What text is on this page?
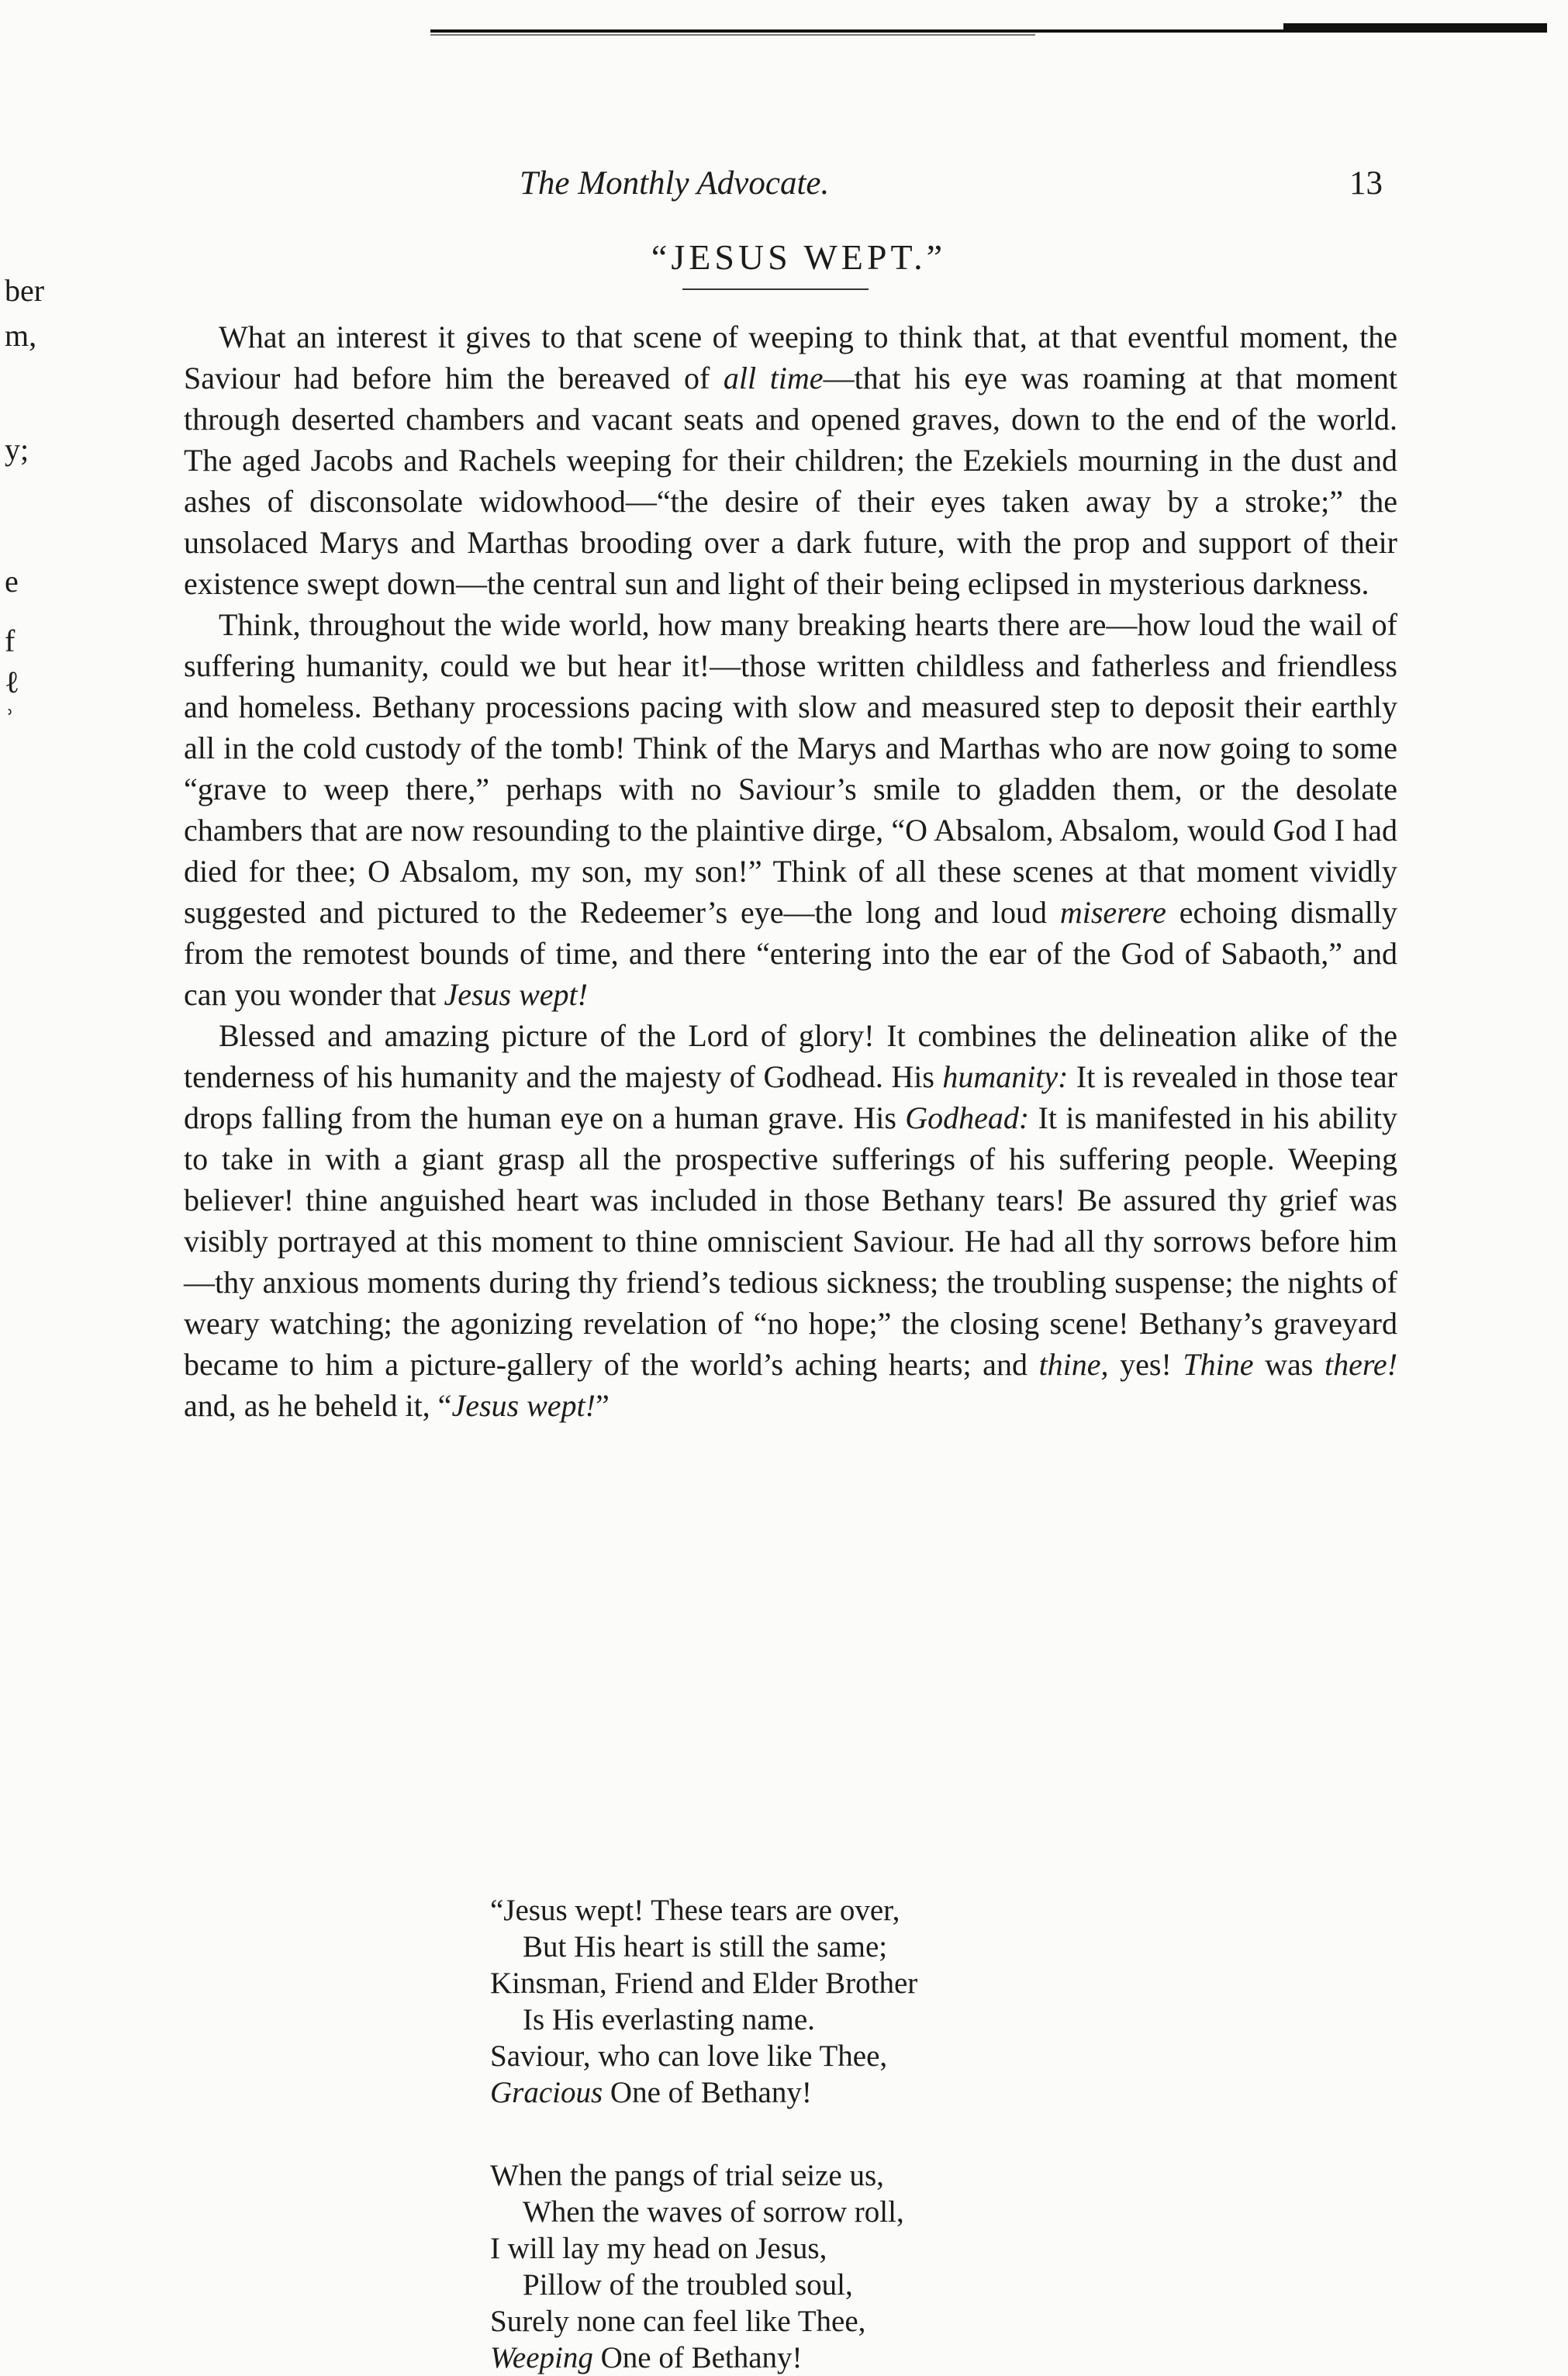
ber
m,
y;
e
f
ℓ
ʾ
The Monthly Advocate.	13
“JESUS WEPT.”

What an interest it gives to that scene of weeping to think that, at that eventful moment, the Saviour had before him the bereaved of all time—that his eye was roaming at that moment through deserted chambers and vacant seats and opened graves, down to the end of the world. The aged Jacobs and Rachels weeping for their children; the Ezekiels mourning in the dust and ashes of disconsolate widowhood—“the desire of their eyes taken away by a stroke;” the unsolaced Marys and Marthas brooding over a dark future, with the prop and support of their existence swept down—the central sun and light of their being eclipsed in mysterious darkness.

Think, throughout the wide world, how many breaking hearts there are—how loud the wail of suffering humanity, could we but hear it!—those written childless and fatherless and friendless and homeless. Bethany processions pacing with slow and measured step to deposit their earthly all in the cold custody of the tomb! Think of the Marys and Marthas who are now going to some “grave to weep there,” perhaps with no Saviour’s smile to gladden them, or the desolate chambers that are now resounding to the plaintive dirge, “O Absalom, Absalom, would God I had died for thee; O Absalom, my son, my son!” Think of all these scenes at that moment vividly suggested and pictured to the Redeemer’s eye—the long and loud miserere echoing dismally from the remotest bounds of time, and there “entering into the ear of the God of Sabaoth,” and can you wonder that Jesus wept!

Blessed and amazing picture of the Lord of glory! It combines the delineation alike of the tenderness of his humanity and the majesty of Godhead. His humanity: It is revealed in those tear drops falling from the human eye on a human grave. His Godhead: It is manifested in his ability to take in with a giant grasp all the prospective sufferings of his suffering people. Weeping believer! thine anguished heart was included in those Bethany tears! Be assured thy grief was visibly portrayed at this moment to thine omniscient Saviour. He had all thy sorrows before him—thy anxious moments during thy friend’s tedious sickness; the troubling suspense; the nights of weary watching; the agonizing revelation of “no hope;” the closing scene! Bethany’s graveyard became to him a picture-gallery of the world’s aching hearts; and thine, yes! Thine was there! and, as he beheld it, “Jesus wept!”

“Jesus wept! These tears are over,
But His heart is still the same;
Kinsman, Friend and Elder Brother
Is His everlasting name.
Saviour, who can love like Thee,
Gracious One of Bethany!
When the pangs of trial seize us,
When the waves of sorrow roll,
I will lay my head on Jesus,
Pillow of the troubled soul,
Surely none can feel like Thee,
Weeping One of Bethany!
